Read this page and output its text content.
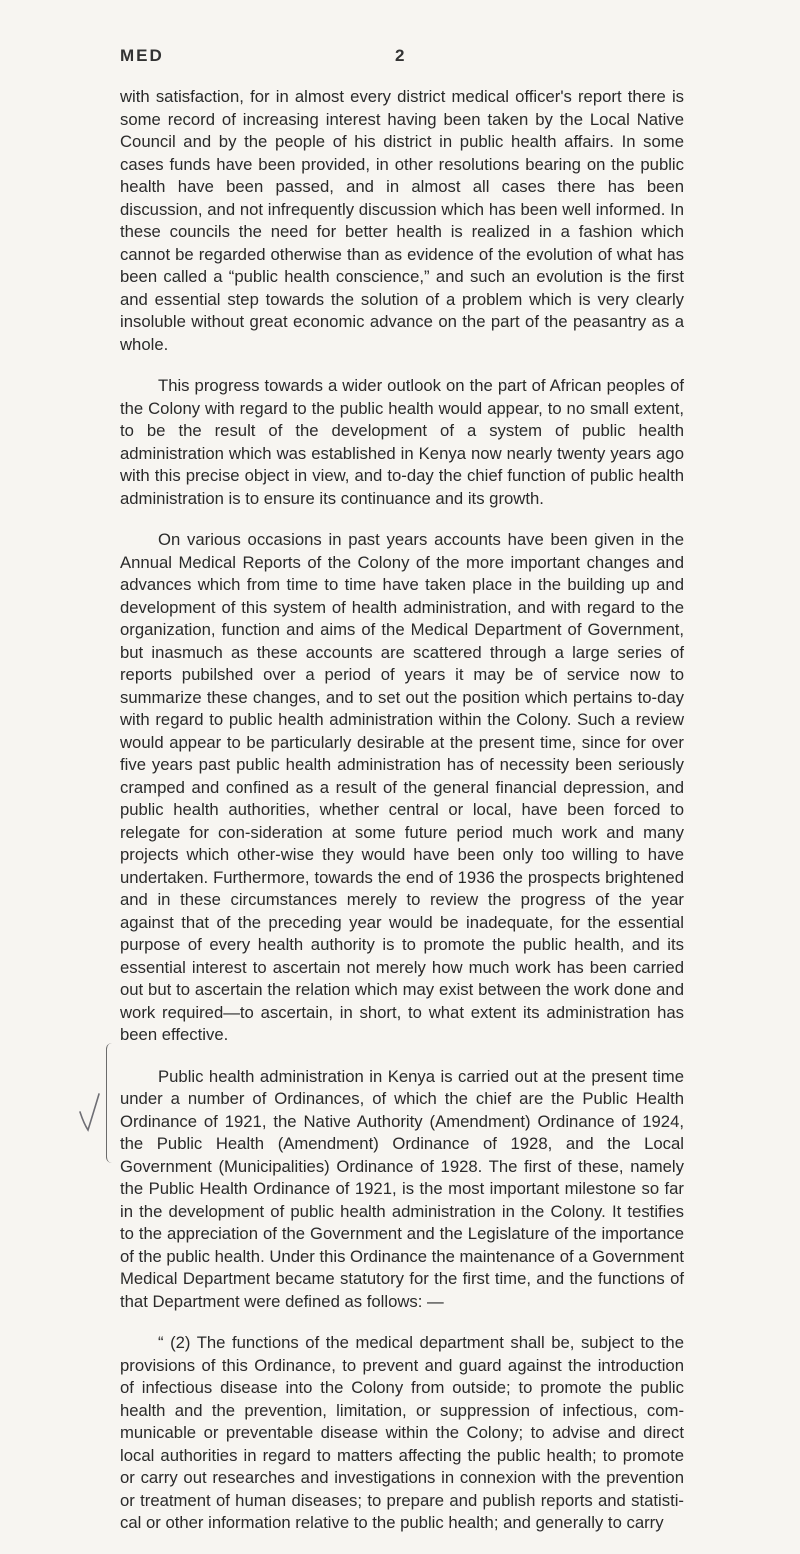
MED	2

with satisfaction, for in almost every district medical officer's report there is some record of increasing interest having been taken by the Local Native Council and by the people of his district in public health affairs. In some cases funds have been provided, in other resolutions bearing on the public health have been passed, and in almost all cases there has been discussion, and not infrequently discussion which has been well informed. In these councils the need for better health is realized in a fashion which cannot be regarded otherwise than as evidence of the evolution of what has been called a “public health conscience,” and such an evolution is the first and essential step towards the solution of a problem which is very clearly insoluble without great economic advance on the part of the peasantry as a whole.

This progress towards a wider outlook on the part of African peoples of the Colony with regard to the public health would appear, to no small extent, to be the result of the development of a system of public health administration which was established in Kenya now nearly twenty years ago with this precise object in view, and to-day the chief function of public health administration is to ensure its continuance and its growth.

On various occasions in past years accounts have been given in the Annual Medical Reports of the Colony of the more important changes and advances which from time to time have taken place in the building up and development of this system of health administration, and with regard to the organization, function and aims of the Medical Department of Government, but inasmuch as these accounts are scattered through a large series of reports pubilshed over a period of years it may be of service now to summarize these changes, and to set out the position which pertains to-day with regard to public health administration within the Colony. Such a review would appear to be particularly desirable at the present time, since for over five years past public health administration has of necessity been seriously cramped and confined as a result of the general financial depression, and public health authorities, whether central or local, have been forced to relegate for con-sideration at some future period much work and many projects which other-wise they would have been only too willing to have undertaken. Furthermore, towards the end of 1936 the prospects brightened and in these circumstances merely to review the progress of the year against that of the preceding year would be inadequate, for the essential purpose of every health authority is to promote the public health, and its essential interest to ascertain not merely how much work has been carried out but to ascertain the relation which may exist between the work done and work required—to ascertain, in short, to what extent its administration has been effective.

Public health administration in Kenya is carried out at the present time under a number of Ordinances, of which the chief are the Public Health Ordinance of 1921, the Native Authority (Amendment) Ordinance of 1924, the Public Health (Amendment) Ordinance of 1928, and the Local Government (Municipalities) Ordinance of 1928. The first of these, namely the Public Health Ordinance of 1921, is the most important milestone so far in the development of public health administration in the Colony. It testifies to the appreciation of the Government and the Legislature of the importance of the public health. Under this Ordinance the maintenance of a Government Medical Department became statutory for the first time, and the functions of that Department were defined as follows: —

“ (2) The functions of the medical department shall be, subject to the provisions of this Ordinance, to prevent and guard against the introduction of infectious disease into the Colony from outside; to promote the public health and the prevention, limitation, or suppression of infectious, com-municable or preventable disease within the Colony; to advise and direct local authorities in regard to matters affecting the public health; to promote or carry out researches and investigations in connexion with the prevention or treatment of human diseases; to prepare and publish reports and statisti-cal or other information relative to the public health; and generally to carry
